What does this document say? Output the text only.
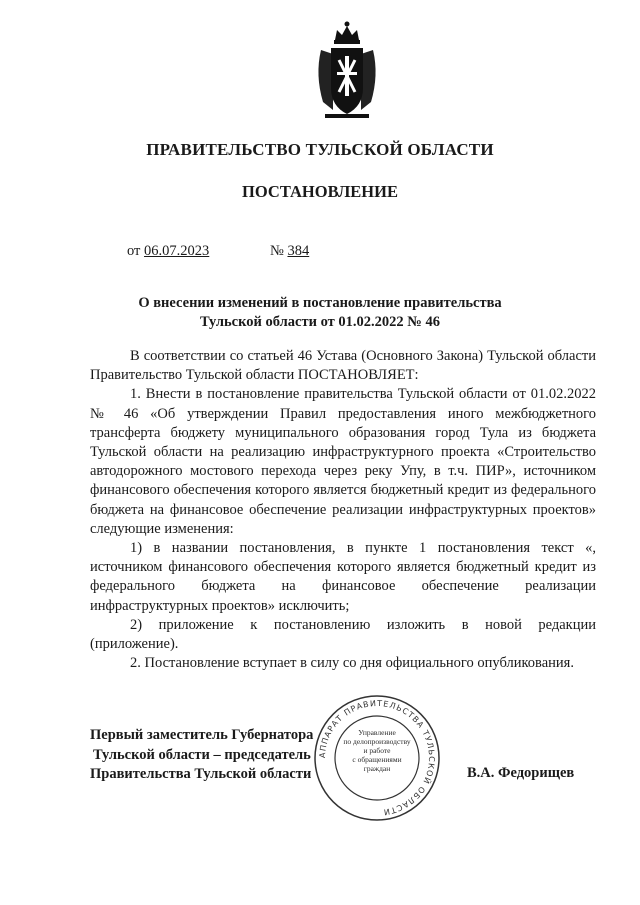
ПРАВИТЕЛЬСТВО ТУЛЬСКОЙ ОБЛАСТИ
ПОСТАНОВЛЕНИЕ
от 06.07.2023	№ 384
О внесении изменений в постановление правительства
Тульской области от 01.02.2022 № 46

В соответствии со статьей 46 Устава (Основного Закона) Тульской области Правительство Тульской области ПОСТАНОВЛЯЕТ:

1. Внести в постановление правительства Тульской области от 01.02.2022 № 46 «Об утверждении Правил предоставления иного межбюджетного трансферта бюджету муниципального образования город Тула из бюджета Тульской области на реализацию инфраструктурного проекта «Строительство автодорожного мостового перехода через реку Упу, в т.ч. ПИР», источником финансового обеспечения которого является бюджетный кредит из федерального бюджета на финансовое обеспечение реализации инфраструктурных проектов» следующие изменения:

1) в названии постановления, в пункте 1 постановления текст «, источником финансового обеспечения которого является бюджетный кредит из федерального бюджета на финансовое обеспечение реализации инфраструктурных проектов» исключить;

2) приложение к постановлению изложить в новой редакции (приложение).

2. Постановление вступает в силу со дня официального опубликования.

Первый заместитель Губернатора
Тульской области – председатель
Правительства Тульской области	В.А. Федорищев
АППАРАТ ПРАВИТЕЛЬСТВА ТУЛЬСКОЙ ОБЛАСТИ
Управление
по делопроизводству
и работе
с обращениями
граждан
